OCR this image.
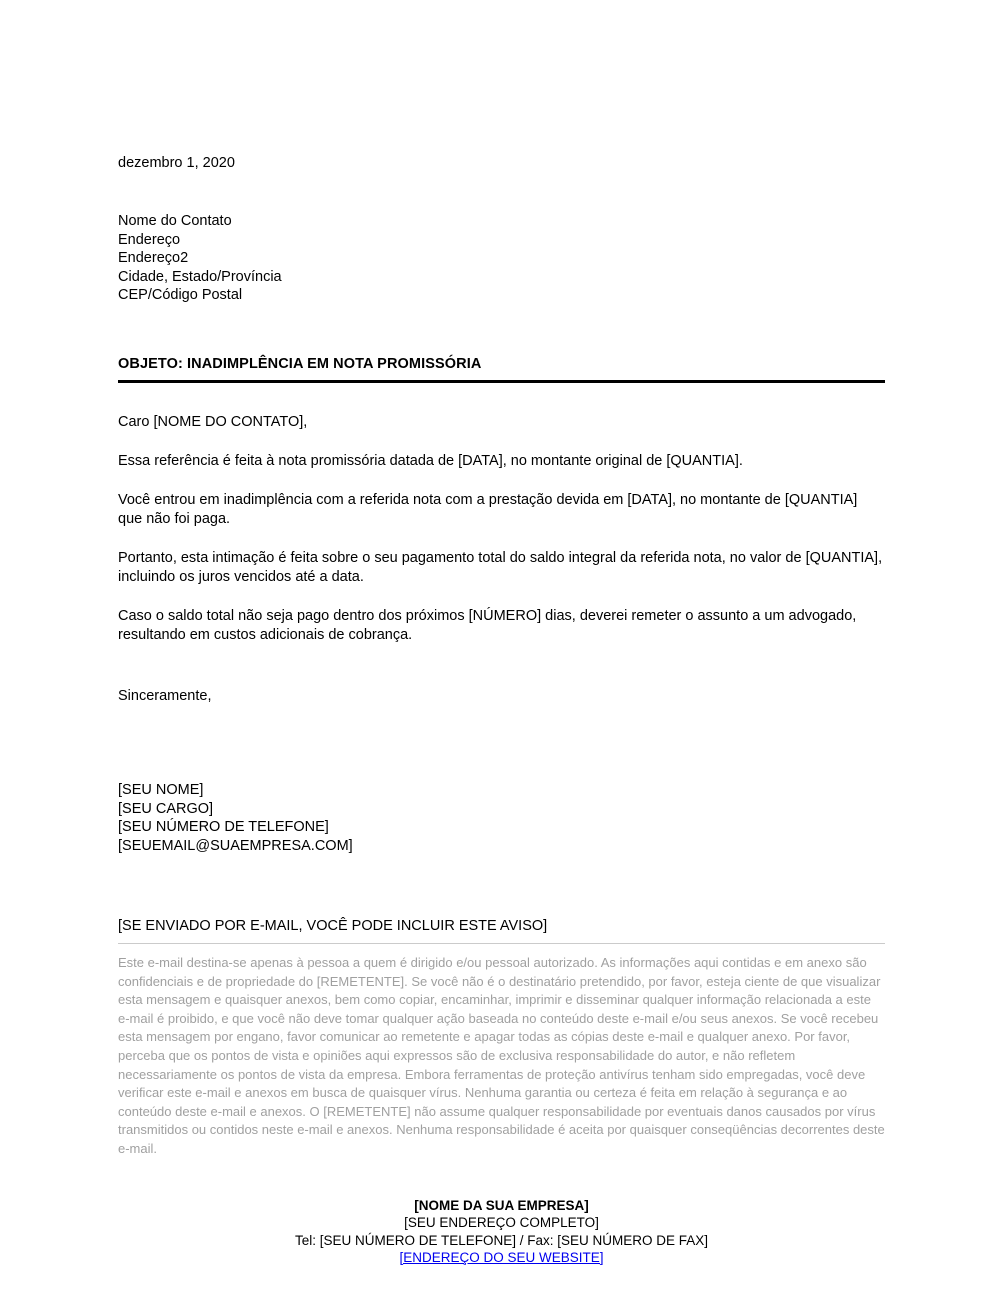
dezembro 1, 2020
Nome do Contato
Endereço
Endereço2
Cidade, Estado/Província
CEP/Código Postal
OBJETO: INADIMPLÊNCIA EM NOTA PROMISSÓRIA

Caro [NOME DO CONTATO],

Essa referência é feita à nota promissória datada de [DATA], no montante original de [QUANTIA].

Você entrou em inadimplência com a referida nota com a prestação devida em [DATA], no montante de [QUANTIA] que não foi paga.

Portanto, esta intimação é feita sobre o seu pagamento total do saldo integral da referida nota, no valor de [QUANTIA], incluindo os juros vencidos até a data.

Caso o saldo total não seja pago dentro dos próximos [NÚMERO] dias, deverei remeter o assunto a um advogado, resultando em custos adicionais de cobrança.

Sinceramente,

[SEU NOME]
[SEU CARGO]
[SEU NÚMERO DE TELEFONE]
[SEUEMAIL@SUAEMPRESA.COM]
[SE ENVIADO POR E-MAIL, VOCÊ PODE INCLUIR ESTE AVISO]

Este e-mail destina-se apenas à pessoa a quem é dirigido e/ou pessoal autorizado. As informações aqui contidas e em anexo são confidenciais e de propriedade do [REMETENTE]. Se você não é o destinatário pretendido, por favor, esteja ciente de que visualizar esta mensagem e quaisquer anexos, bem como copiar, encaminhar, imprimir e disseminar qualquer informação relacionada a este e-mail é proibido, e que você não deve tomar qualquer ação baseada no conteúdo deste e-mail e/ou seus anexos. Se você recebeu esta mensagem por engano, favor comunicar ao remetente e apagar todas as cópias deste e-mail e qualquer anexo. Por favor, perceba que os pontos de vista e opiniões aqui expressos são de exclusiva responsabilidade do autor, e não refletem necessariamente os pontos de vista da empresa. Embora ferramentas de proteção antivírus tenham sido empregadas, você deve verificar este e-mail e anexos em busca de quaisquer vírus. Nenhuma garantia ou certeza é feita em relação à segurança e ao conteúdo deste e-mail e anexos. O [REMETENTE] não assume qualquer responsabilidade por eventuais danos causados por vírus transmitidos ou contidos neste e-mail e anexos. Nenhuma responsabilidade é aceita por quaisquer conseqüências decorrentes deste e-mail.

[NOME DA SUA EMPRESA]
[SEU ENDEREÇO COMPLETO]
Tel: [SEU NÚMERO DE TELEFONE] / Fax: [SEU NÚMERO DE FAX]
[ENDEREÇO DO SEU WEBSITE]
